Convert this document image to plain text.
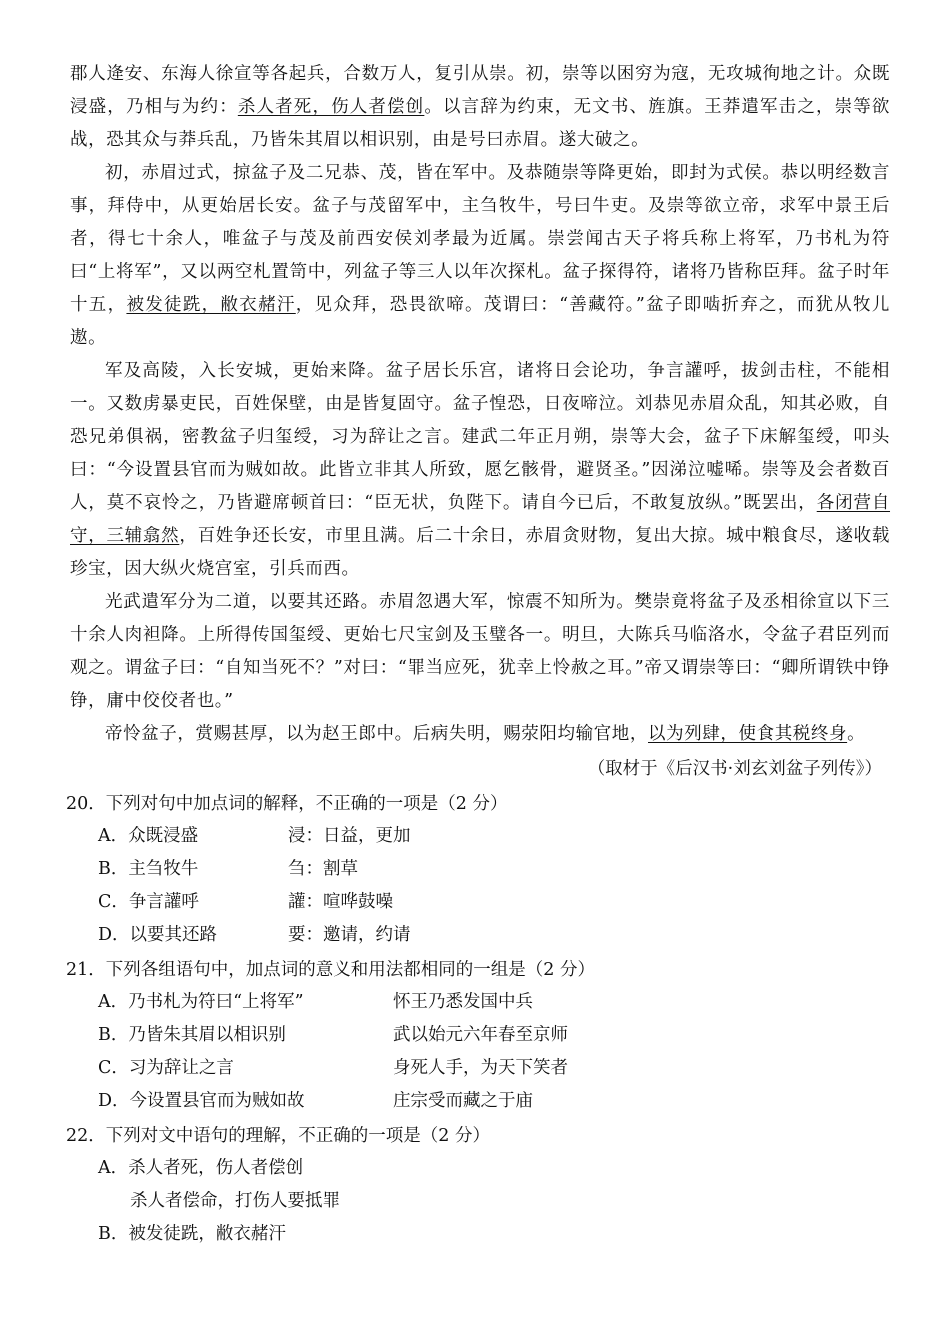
郡人逄安、东海人徐宣等各起兵，合数万人，复引从崇。初，崇等以困穷为寇，无攻城徇地之计。众既浸盛，乃相与为约：杀人者死，伤人者偿创。以言辞为约束，无文书、旌旗。王莽遣军击之，崇等欲战，恐其众与莽兵乱，乃皆朱其眉以相识别，由是号曰赤眉。遂大破之。

初，赤眉过式，掠盆子及二兄恭、茂，皆在军中。及恭随崇等降更始，即封为式侯。恭以明经数言事，拜侍中，从更始居长安。盆子与茂留军中，主刍牧牛，号曰牛吏。及崇等欲立帝，求军中景王后者，得七十余人，唯盆子与茂及前西安侯刘孝最为近属。崇尝闻古天子将兵称上将军，乃书札为符曰“上将军”，又以两空札置笥中，列盆子等三人以年次探札。盆子探得符，诸将乃皆称臣拜。盆子时年十五，被发徒跣，敝衣赭汗，见众拜，恐畏欲啼。茂谓曰：“善藏符。”盆子即啮折弃之，而犹从牧儿遨。

军及高陵，入长安城，更始来降。盆子居长乐宫，诸将日会论功，争言讙呼，拔剑击柱，不能相一。又数虏暴吏民，百姓保壁，由是皆复固守。盆子惶恐，日夜啼泣。刘恭见赤眉众乱，知其必败，自恐兄弟俱祸，密教盆子归玺绶，习为辞让之言。建武二年正月朔，崇等大会，盆子下床解玺绶，叩头曰：“今设置县官而为贼如故。此皆立非其人所致，愿乞骸骨，避贤圣。”因涕泣嘘唏。崇等及会者数百人，莫不哀怜之，乃皆避席顿首曰：“臣无状，负陛下。请自今已后，不敢复放纵。”既罢出，各闭营自守，三辅翕然，百姓争还长安，市里且满。后二十余日，赤眉贪财物，复出大掠。城中粮食尽，遂收载珍宝，因大纵火烧宫室，引兵而西。

光武遣军分为二道，以要其还路。赤眉忽遇大军，惊震不知所为。樊崇竟将盆子及丞相徐宣以下三十余人肉袒降。上所得传国玺绶、更始七尺宝剑及玉璧各一。明旦，大陈兵马临洛水，令盆子君臣列而观之。谓盆子曰：“自知当死不？”对曰：“罪当应死，犹幸上怜赦之耳。”帝又谓崇等曰：“卿所谓铁中铮铮，庸中佼佼者也。”

帝怜盆子，赏赐甚厚，以为赵王郎中。后病失明，赐荥阳均输官地，以为列肆，使食其税终身。

（取材于《后汉书·刘玄刘盆子列传》）

20．下列对句中加点词的解释，不正确的一项是（2 分）

A．众既浸盛	浸：日益，更加
B．主刍牧牛	刍：割草
C．争言讙呼	讙：喧哗鼓噪
D．以要其还路	要：邀请，约请

21．下列各组语句中，加点词的意义和用法都相同的一组是（2 分）

A．乃书札为符曰“上将军”	怀王乃悉发国中兵
B．乃皆朱其眉以相识别	武以始元六年春至京师
C．习为辞让之言	身死人手，为天下笑者
D．今设置县官而为贼如故	庄宗受而藏之于庙

22．下列对文中语句的理解，不正确的一项是（2 分）

A．杀人者死，伤人者偿创
杀人者偿命，打伤人要抵罪
B．被发徒跣，敝衣赭汗
